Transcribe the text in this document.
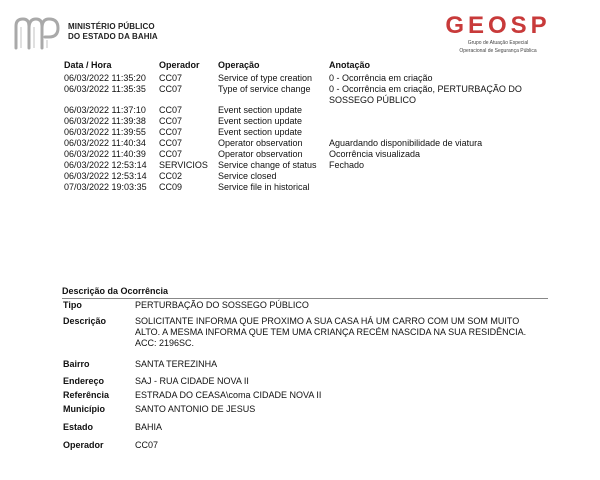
MINISTÉRIO PÚBLICO
DO ESTADO DA BAHIA	GEOSP
Grupo de Atuação Especial
Operacional de Segurança Pública
Data / Hora	Operador	Operação	Anotação
06/03/2022 11:35:20	CC07	Service of type creation	0 - Ocorrência em criação
06/03/2022 11:35:35	CC07	Type of service change	0 - Ocorrência em criação, PERTURBAÇÃO DO SOSSEGO PÚBLICO
06/03/2022 11:37:10	CC07	Event section update
06/03/2022 11:39:38	CC07	Event section update
06/03/2022 11:39:55	CC07	Event section update
06/03/2022 11:40:34	CC07	Operator observation	Aguardando disponibilidade de viatura
06/03/2022 11:40:39	CC07	Operator observation	Ocorrência visualizada
06/03/2022 12:53:14	SERVICIOS	Service change of status	Fechado
06/03/2022 12:53:14	CC02	Service closed
07/03/2022 19:03:35	CC09	Service file in historical
Descrição da Ocorrência
Tipo	PERTURBAÇÃO DO SOSSEGO PÚBLICO
Descrição	SOLICITANTE INFORMA QUE PROXIMO A SUA CASA HÁ UM CARRO COM UM SOM MUITO ALTO. A MESMA INFORMA QUE TEM UMA CRIANÇA RECÉM NASCIDA NA SUA RESIDÊNCIA. ACC: 2196SC.
Bairro	SANTA TEREZINHA
Endereço	SAJ - RUA CIDADE NOVA II
Referência	ESTRADA DO CEASA\coma CIDADE NOVA II
Município	SANTO ANTONIO DE JESUS
Estado	BAHIA
Operador	CC07
